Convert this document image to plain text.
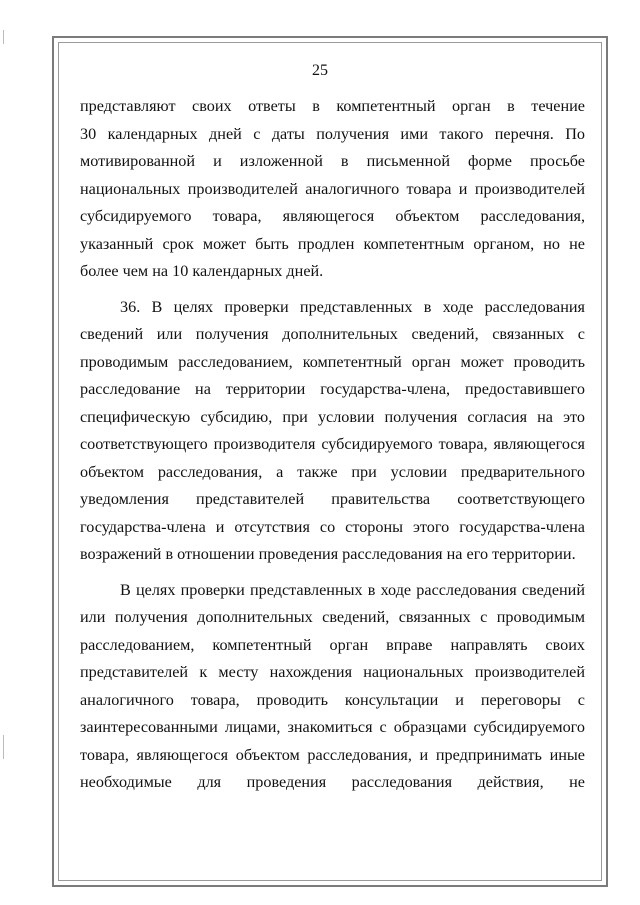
25

представляют своих ответы в компетентный орган в течение
30 календарных дней с даты получения ими такого перечня. По
мотивированной и изложенной в письменной форме просьбе
национальных производителей аналогичного товара и производителей
субсидируемого товара, являющегося объектом расследования,
указанный срок может быть продлен компетентным органом, но не
более чем на 10 календарных дней.

36. В целях проверки представленных в ходе расследования
сведений или получения дополнительных сведений, связанных с
проводимым расследованием, компетентный орган может проводить
расследование на территории государства-члена, предоставившего
специфическую субсидию, при условии получения согласия на это
соответствующего производителя субсидируемого товара, являющегося
объектом расследования, а также при условии предварительного
уведомления представителей правительства соответствующего
государства-члена и отсутствия со стороны этого государства-члена
возражений в отношении проведения расследования на его территории.

В целях проверки представленных в ходе расследования сведений
или получения дополнительных сведений, связанных с проводимым
расследованием, компетентный орган вправе направлять своих
представителей к месту нахождения национальных производителей
аналогичного товара, проводить консультации и переговоры с
заинтересованными лицами, знакомиться с образцами субсидируемого
товара, являющегося объектом расследования, и предпринимать иные
необходимые для проведения расследования действия, не
